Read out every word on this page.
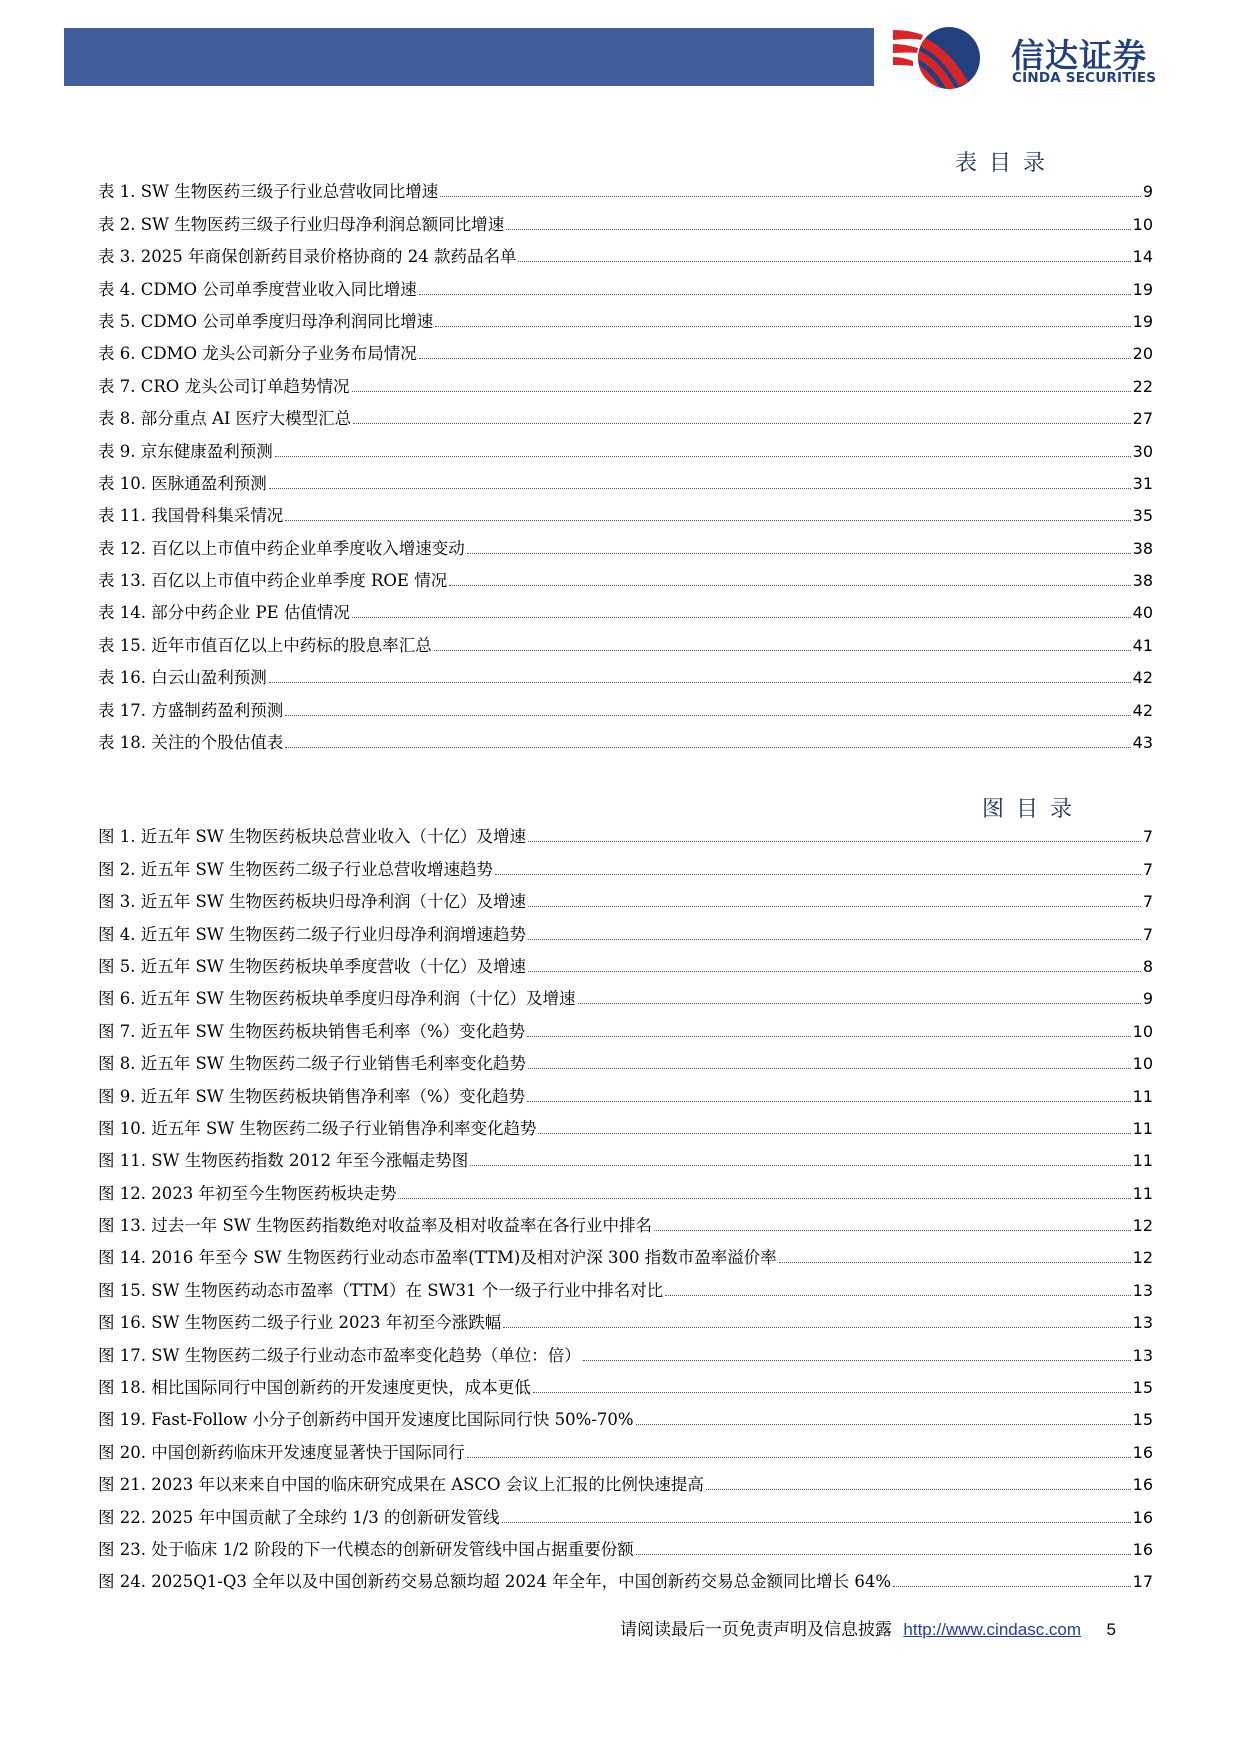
信达证券
CINDA SECURITIES
表目录
表 1. SW 生物医药三级子行业总营收同比增速	9
表 2. SW 生物医药三级子行业归母净利润总额同比增速	10
表 3. 2025 年商保创新药目录价格协商的 24 款药品名单	14
表 4. CDMO 公司单季度营业收入同比增速	19
表 5. CDMO 公司单季度归母净利润同比增速	19
表 6. CDMO 龙头公司新分子业务布局情况	20
表 7. CRO 龙头公司订单趋势情况	22
表 8. 部分重点 AI 医疗大模型汇总	27
表 9. 京东健康盈利预测	30
表 10. 医脉通盈利预测	31
表 11. 我国骨科集采情况	35
表 12. 百亿以上市值中药企业单季度收入增速变动	38
表 13. 百亿以上市值中药企业单季度 ROE 情况	38
表 14. 部分中药企业 PE 估值情况	40
表 15. 近年市值百亿以上中药标的股息率汇总	41
表 16. 白云山盈利预测	42
表 17. 方盛制药盈利预测	42
表 18. 关注的个股估值表	43
图目录
图 1. 近五年 SW 生物医药板块总营业收入（十亿）及增速	7
图 2. 近五年 SW 生物医药二级子行业总营收增速趋势	7
图 3. 近五年 SW 生物医药板块归母净利润（十亿）及增速	7
图 4. 近五年 SW 生物医药二级子行业归母净利润增速趋势	7
图 5. 近五年 SW 生物医药板块单季度营收（十亿）及增速	8
图 6. 近五年 SW 生物医药板块单季度归母净利润（十亿）及增速	9
图 7. 近五年 SW 生物医药板块销售毛利率（%）变化趋势	10
图 8. 近五年 SW 生物医药二级子行业销售毛利率变化趋势	10
图 9. 近五年 SW 生物医药板块销售净利率（%）变化趋势	11
图 10. 近五年 SW 生物医药二级子行业销售净利率变化趋势	11
图 11. SW 生物医药指数 2012 年至今涨幅走势图	11
图 12. 2023 年初至今生物医药板块走势	11
图 13. 过去一年 SW 生物医药指数绝对收益率及相对收益率在各行业中排名	12
图 14. 2016 年至今 SW 生物医药行业动态市盈率(TTM)及相对沪深 300 指数市盈率溢价率	12
图 15. SW 生物医药动态市盈率（TTM）在 SW31 个一级子行业中排名对比	13
图 16. SW 生物医药二级子行业 2023 年初至今涨跌幅	13
图 17. SW 生物医药二级子行业动态市盈率变化趋势（单位：倍）	13
图 18. 相比国际同行中国创新药的开发速度更快，成本更低	15
图 19. Fast-Follow 小分子创新药中国开发速度比国际同行快 50%-70%	15
图 20. 中国创新药临床开发速度显著快于国际同行	16
图 21. 2023 年以来来自中国的临床研究成果在 ASCO 会议上汇报的比例快速提高	16
图 22. 2025 年中国贡献了全球约 1/3 的创新研发管线	16
图 23. 处于临床 1/2 阶段的下一代模态的创新研发管线中国占据重要份额	16
图 24. 2025Q1-Q3 全年以及中国创新药交易总额均超 2024 年全年，中国创新药交易总金额同比增长 64%	17
请阅读最后一页免责声明及信息披露 http://www.cindasc.com 5
